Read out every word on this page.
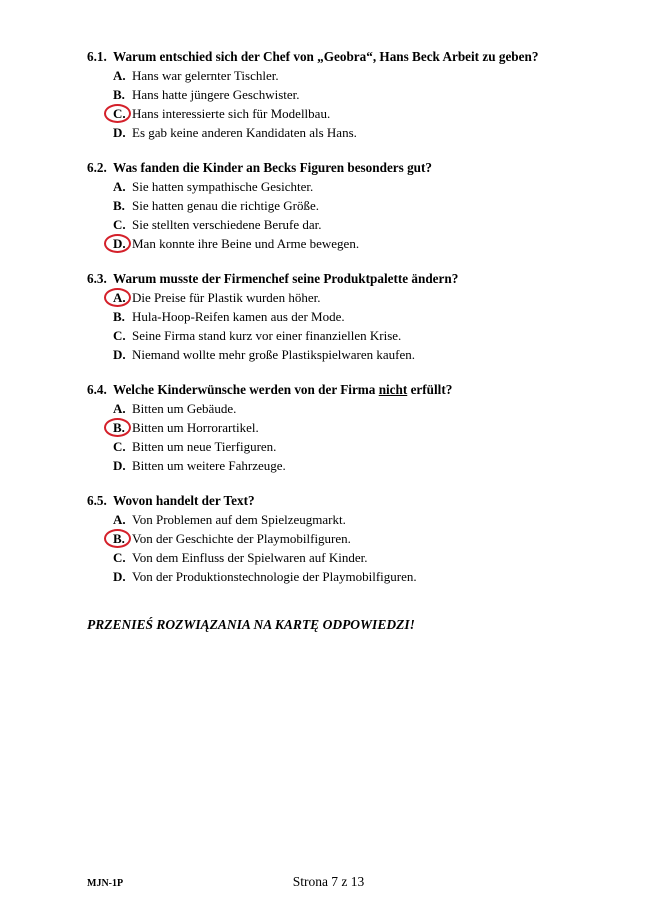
6.1. Warum entschied sich der Chef von „Geobra“, Hans Beck Arbeit zu geben?
A. Hans war gelernter Tischler.
B. Hans hatte jüngere Geschwister.
C. Hans interessierte sich für Modellbau.
D. Es gab keine anderen Kandidaten als Hans.
6.2. Was fanden die Kinder an Becks Figuren besonders gut?
A. Sie hatten sympathische Gesichter.
B. Sie hatten genau die richtige Größe.
C. Sie stellten verschiedene Berufe dar.
D. Man konnte ihre Beine und Arme bewegen.
6.3. Warum musste der Firmenchef seine Produktpalette ändern?
A. Die Preise für Plastik wurden höher.
B. Hula-Hoop-Reifen kamen aus der Mode.
C. Seine Firma stand kurz vor einer finanziellen Krise.
D. Niemand wollte mehr große Plastikspielwaren kaufen.
6.4. Welche Kinderwünsche werden von der Firma nicht erfüllt?
A. Bitten um Gebäude.
B. Bitten um Horrorartikel.
C. Bitten um neue Tierfiguren.
D. Bitten um weitere Fahrzeuge.
6.5. Wovon handelt der Text?
A. Von Problemen auf dem Spielzeugmarkt.
B. Von der Geschichte der Playmobilfiguren.
C. Von dem Einfluss der Spielwaren auf Kinder.
D. Von der Produktionstechnologie der Playmobilfiguren.
PRZENIEŚ ROZWIĄZANIA NA KARTĘ ODPOWIEDZI!
MJN-1P	Strona 7 z 13
